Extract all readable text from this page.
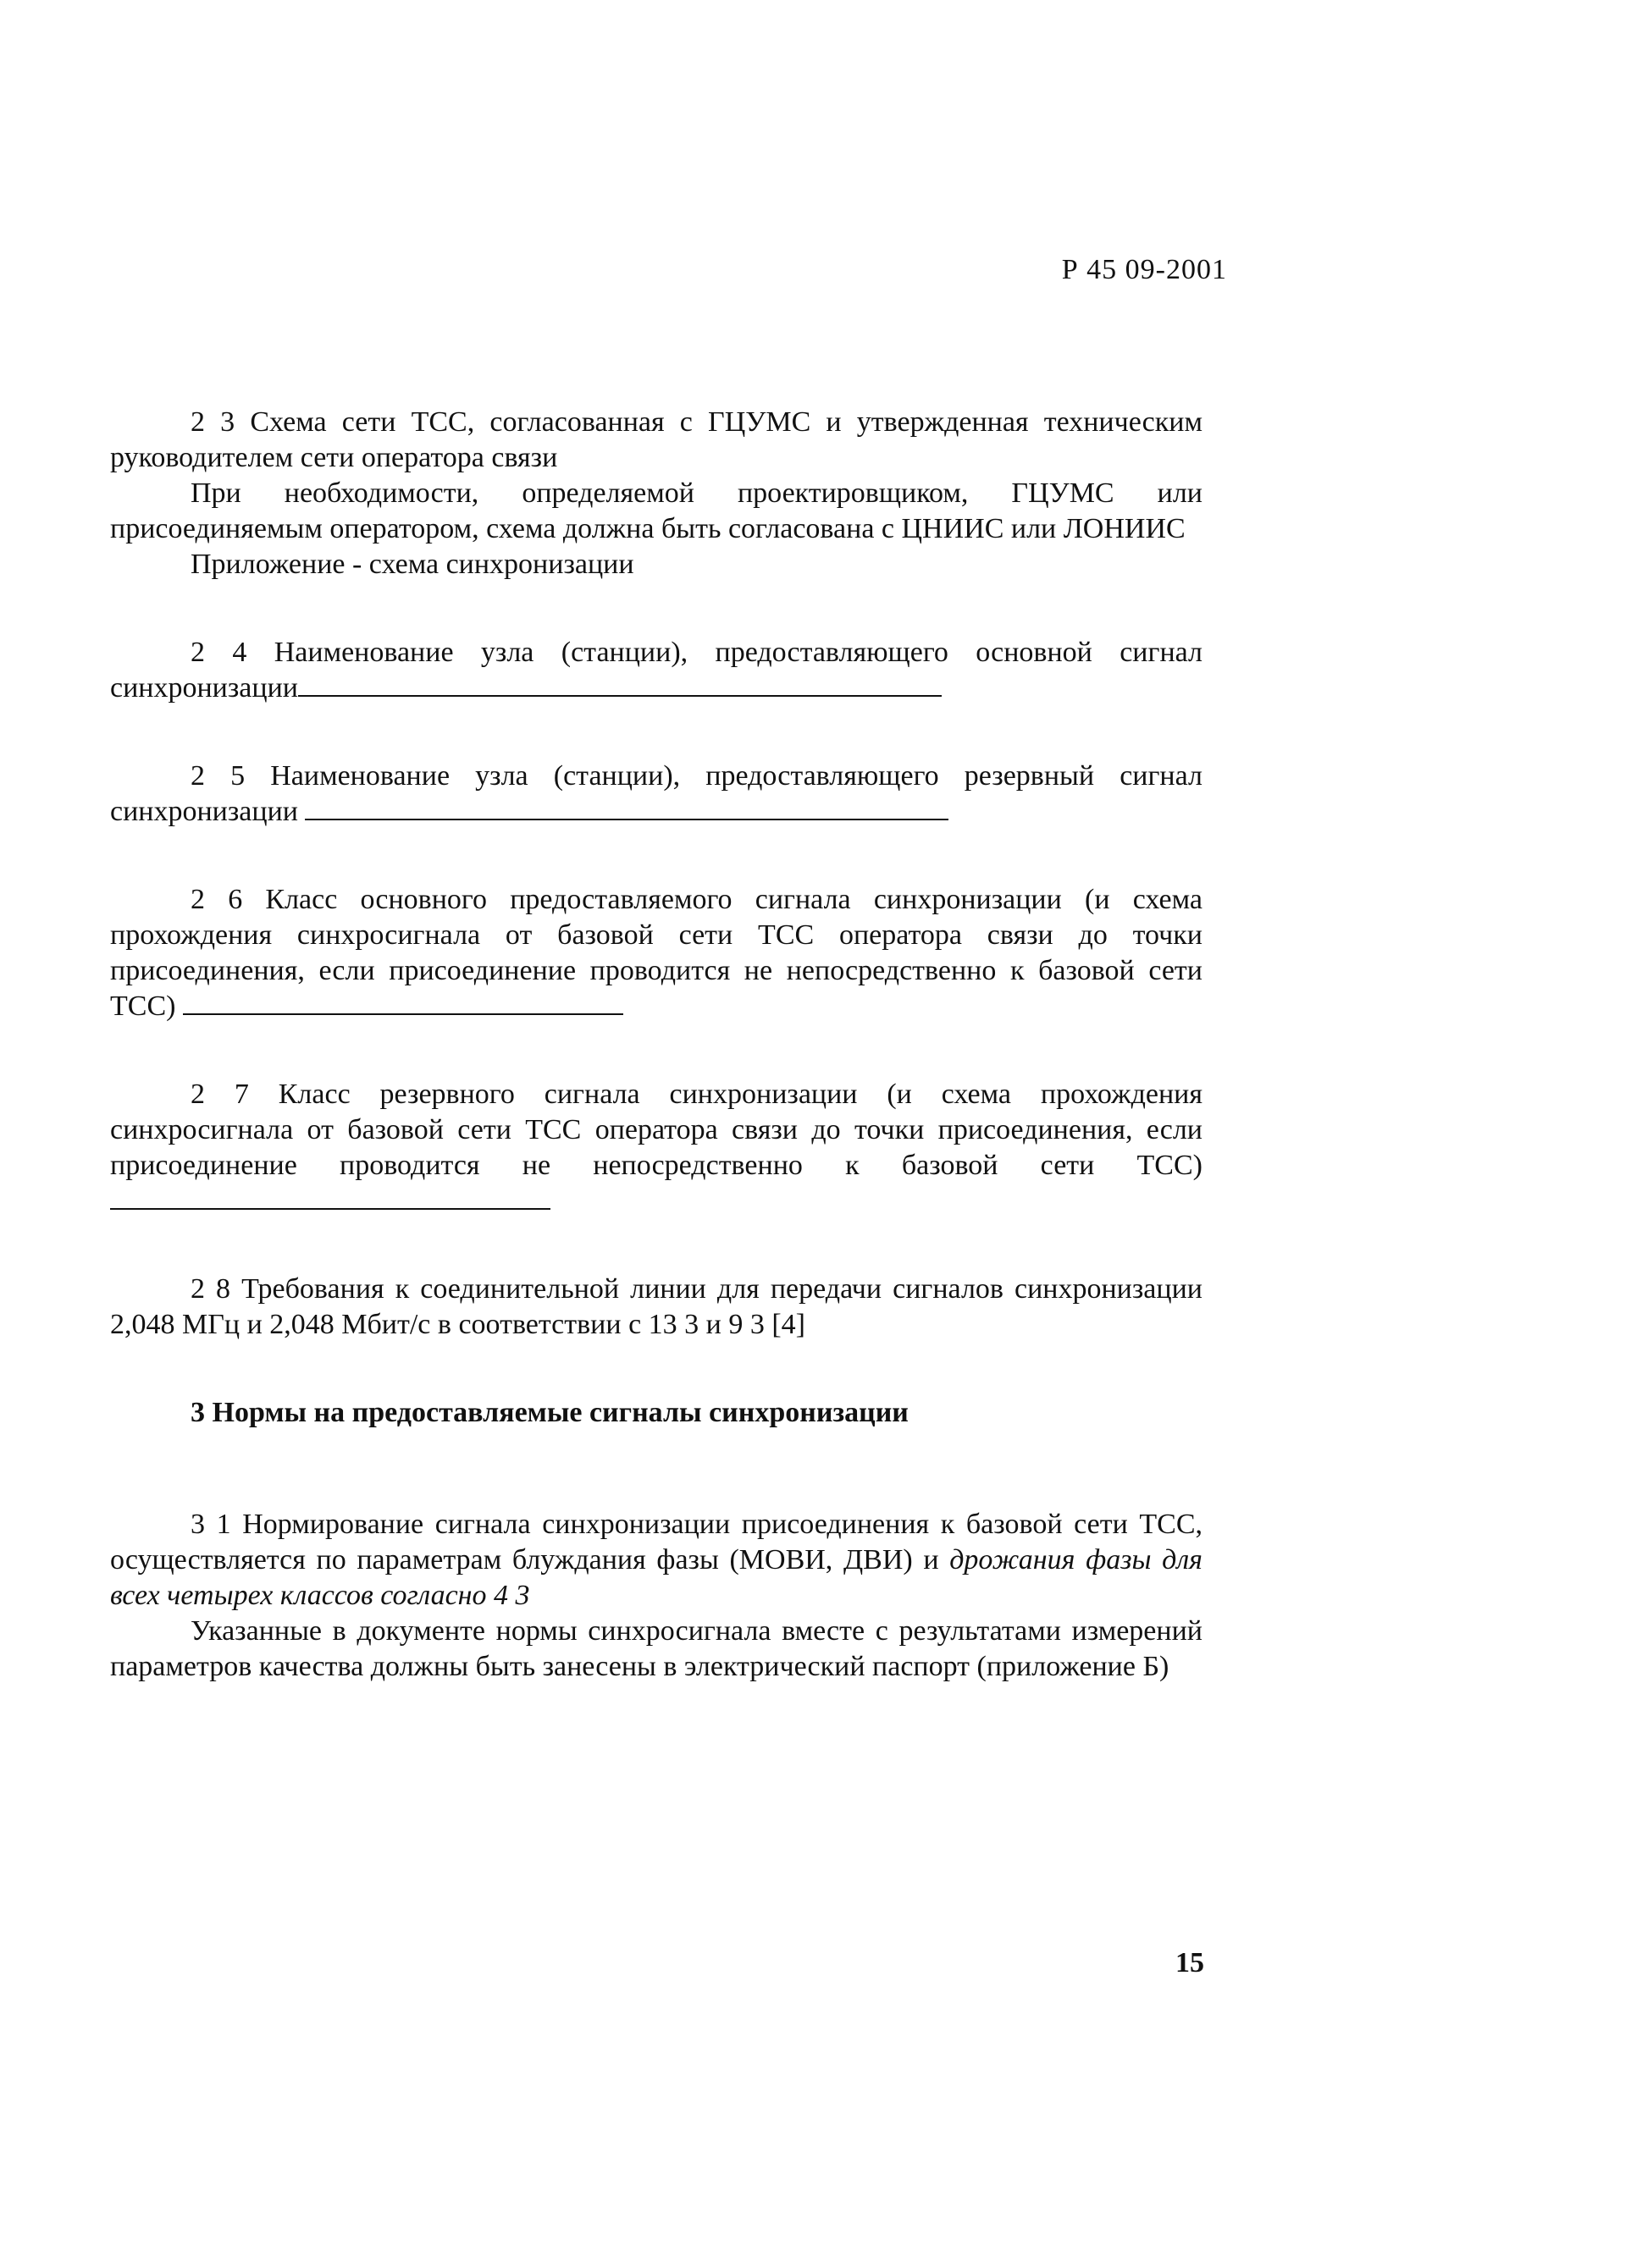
Р 45 09-2001

2 3 Схема сети ТСС, согласованная с ГЦУМС и утвержденная техническим руководителем сети оператора связи

При необходимости, определяемой проектировщиком, ГЦУМС или присоединяемым оператором, схема должна быть согласована с ЦНИИС или ЛОНИИС

Приложение - схема синхронизации

2 4 Наименование узла (станции), предоставляющего основной сигнал синхронизации

2 5 Наименование узла (станции), предоставляющего резервный сигнал синхронизации

2 6 Класс основного предоставляемого сигнала синхронизации (и схема прохождения синхросигнала от базовой сети ТСС оператора связи до точки присоединения, если присоединение проводится не непосредственно к базовой сети ТСС)

2 7 Класс резервного сигнала синхронизации (и схема прохождения синхросигнала от базовой сети ТСС оператора связи до точки присоединения, если присоединение проводится не непосредственно к базовой сети ТСС)

2 8 Требования к соединительной линии для передачи сигналов синхронизации 2,048 МГц и 2,048 Мбит/с в соответствии с 13 3 и 9 3 [4]

3 Нормы на предоставляемые сигналы синхронизации

3 1 Нормирование сигнала синхронизации присоединения к базовой сети ТСС, осуществляется по параметрам блуждания фазы (МОВИ, ДВИ) и дрожания фазы для всех четырех классов согласно 4 3

Указанные в документе нормы синхросигнала вместе с результатами измерений параметров качества должны быть занесены в электрический паспорт (приложение Б)

15
